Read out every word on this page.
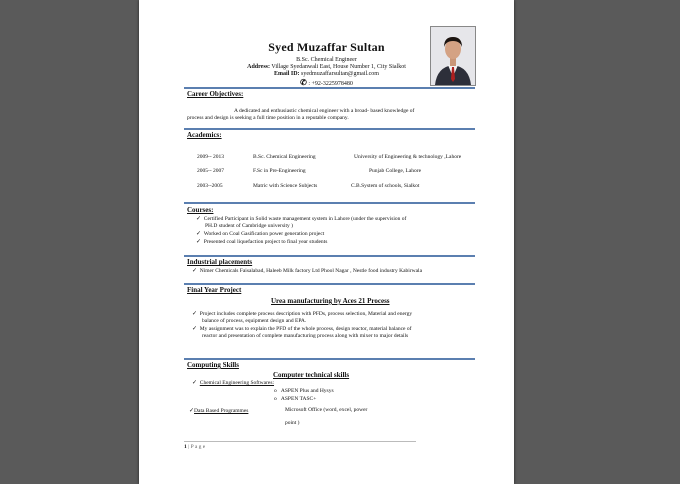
Syed Muzaffar Sultan
B.Sc. Chemical Engineer
Address: Village Syedanwali East, House Number 1, City Sialkot
Email ID: syedmuzaffarsultan@gmail.com
✆ : +92-3225978480
Career Objectives:
A dedicated and enthusiastic chemical engineer with a broad- based knowledge of
process and design is seeking a full time position in a reputable company.
Academics:
2009-- 2013	B.Sc. Chemical Engineering	University of Engineering & technology ,Lahore
2005-- 2007	F.Sc in Pre-Engineering	Punjab College, Lahore
2003--2005	Matric with Science Subjects	C.B.System of schools, Sialkot
Courses:
✓ Certified Participant in Solid waste management system in Lahore (under the supervision of
PH.D student of Cambridge university )
✓ Worked on Coal Gasification power generation project
✓ Presented coal liquefaction project to final year students
Industrial placements
✓ Nimer Chemicals Faisalabad, Haleeb Milk factory Ltd Phool Nagar , Nestle food industry Kabirwala
Final Year Project
Urea manufacturing by Aces 21 Process
✓ Project includes complete process description with PFDs, process selection, Material and energy
balance of process, equipment design and EPA.
✓ My assignment was to explain the PFD of the whole process, design reactor, material balance of
reactor and presentation of complete manufacturing process along with mixer to major details
Computing Skills
Computer technical skills
✓ Chemical Engineering Softwares:
o ASPEN Plus and Hysys
o ASPEN TASC+
✓Data Based Programmes	Microsoft Office (word, excel, power
point )
1 | P a g e
